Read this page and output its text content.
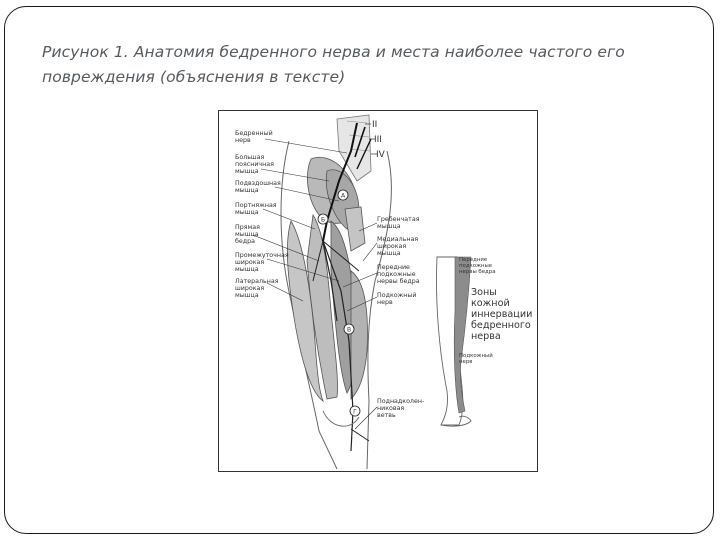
Рисунок 1. Анатомия бедренного нерва и места наиболее частого его
повреждения (объяснения в тексте)
II
III
IV
А
Б
В
Г
Бедренный нерв
Большая поясничная мышца
Подвздошная мышца
Портняжная мышца
Прямая мышца бедра
Промежуточная широкая мышца
Латеральная широкая мышца
Гребенчатая мышца
Медиальная широкая мышца
Передние подкожные нервы бедра
Подкожный нерв
Поднадколен-никовая ветвь
Передние подкожные нервы бедра
Зоны кожной иннервации бедренного нерва
Подкожный нерв
